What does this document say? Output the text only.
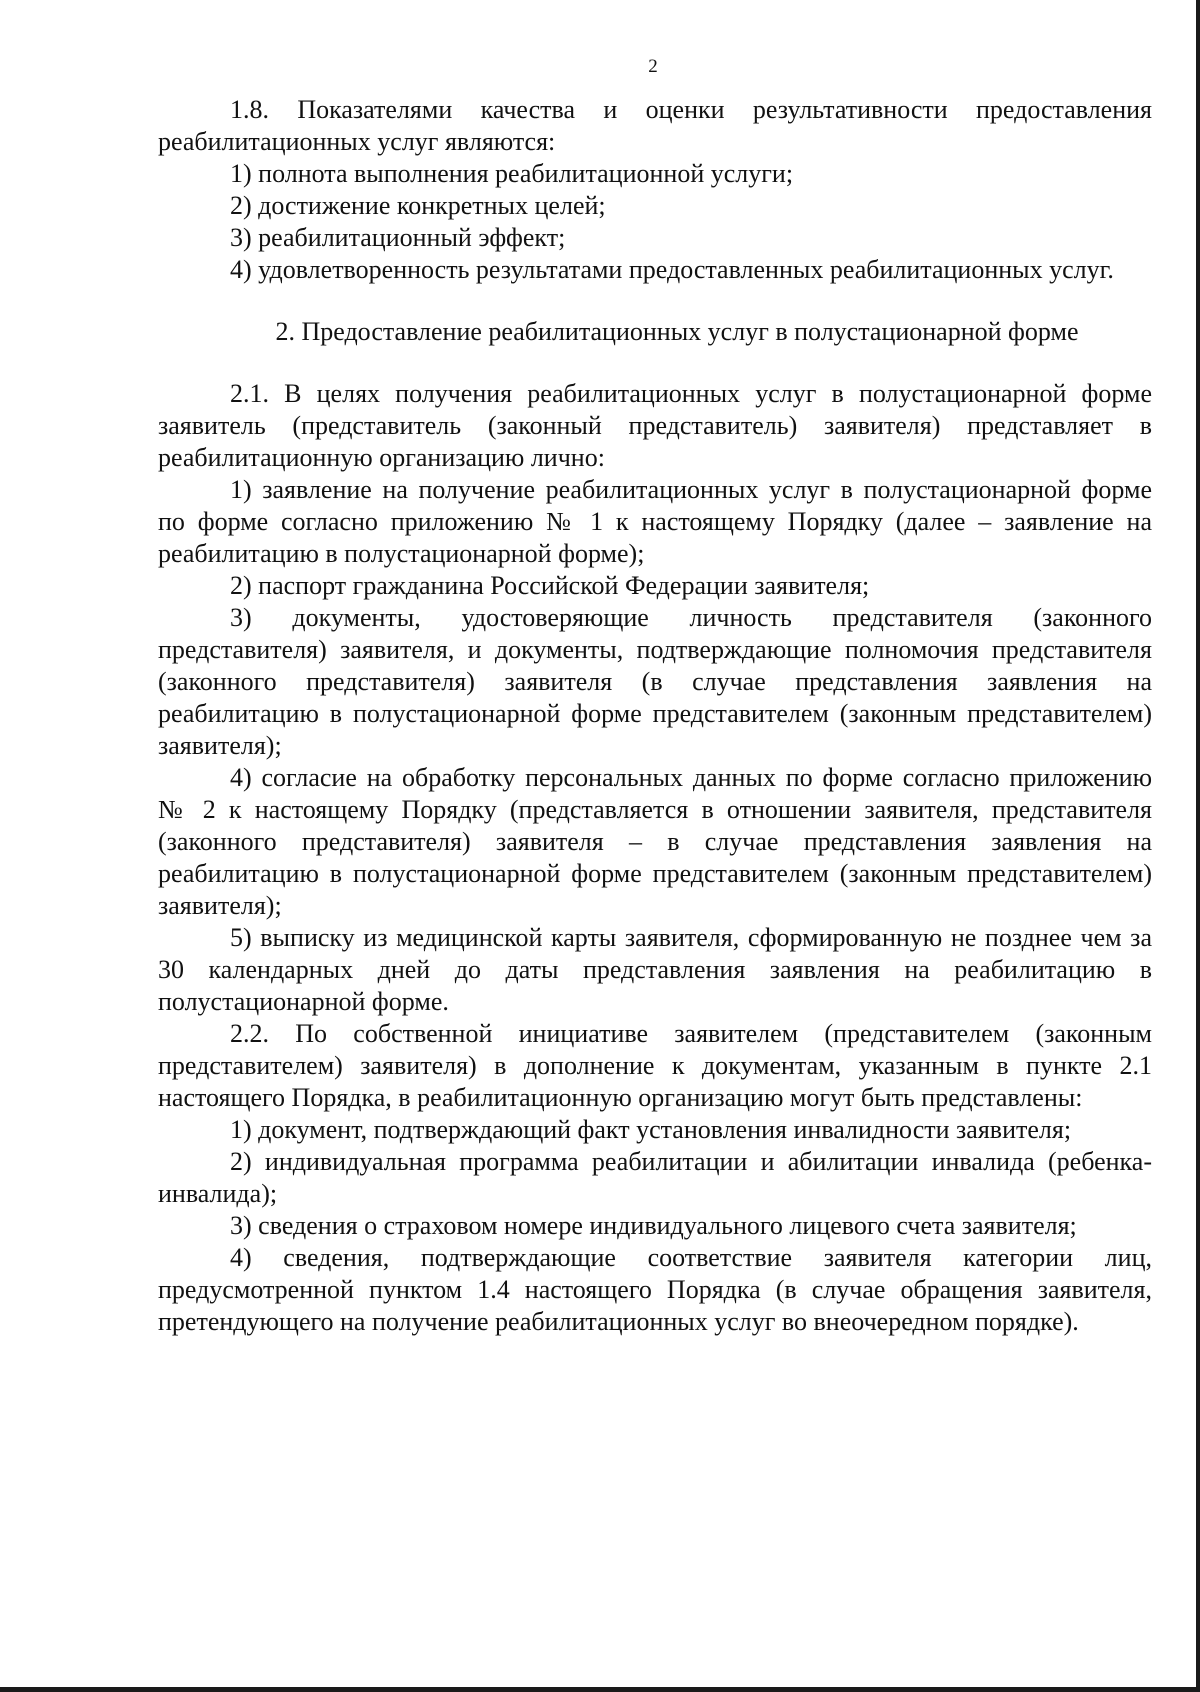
2

1.8. Показателями качества и оценки результативности предоставления реабилитационных услуг являются:

1) полнота выполнения реабилитационной услуги;

2) достижение конкретных целей;

3) реабилитационный эффект;

4) удовлетворенность результатами предоставленных реабилитационных услуг.

2. Предоставление реабилитационных услуг в полустационарной форме

2.1. В целях получения реабилитационных услуг в полустационарной форме заявитель (представитель (законный представитель) заявителя) представляет в реабилитационную организацию лично:

1) заявление на получение реабилитационных услуг в полустационарной форме по форме согласно приложению № 1 к настоящему Порядку (далее – заявление на реабилитацию в полустационарной форме);

2) паспорт гражданина Российской Федерации заявителя;

3) документы, удостоверяющие личность представителя (законного представителя) заявителя, и документы, подтверждающие полномочия представителя (законного представителя) заявителя (в случае представления заявления на реабилитацию в полустационарной форме представителем (законным представителем) заявителя);

4) согласие на обработку персональных данных по форме согласно приложению № 2 к настоящему Порядку (представляется в отношении заявителя, представителя (законного представителя) заявителя – в случае представления заявления на реабилитацию в полустационарной форме представителем (законным представителем) заявителя);

5) выписку из медицинской карты заявителя, сформированную не позднее чем за 30 календарных дней до даты представления заявления на реабилитацию в полустационарной форме.

2.2. По собственной инициативе заявителем (представителем (законным представителем) заявителя) в дополнение к документам, указанным в пункте 2.1 настоящего Порядка, в реабилитационную организацию могут быть представлены:

1) документ, подтверждающий факт установления инвалидности заявителя;

2) индивидуальная программа реабилитации и абилитации инвалида (ребенка-инвалида);

3) сведения о страховом номере индивидуального лицевого счета заявителя;

4) сведения, подтверждающие соответствие заявителя категории лиц, предусмотренной пунктом 1.4 настоящего Порядка (в случае обращения заявителя, претендующего на получение реабилитационных услуг во внеочередном порядке).
